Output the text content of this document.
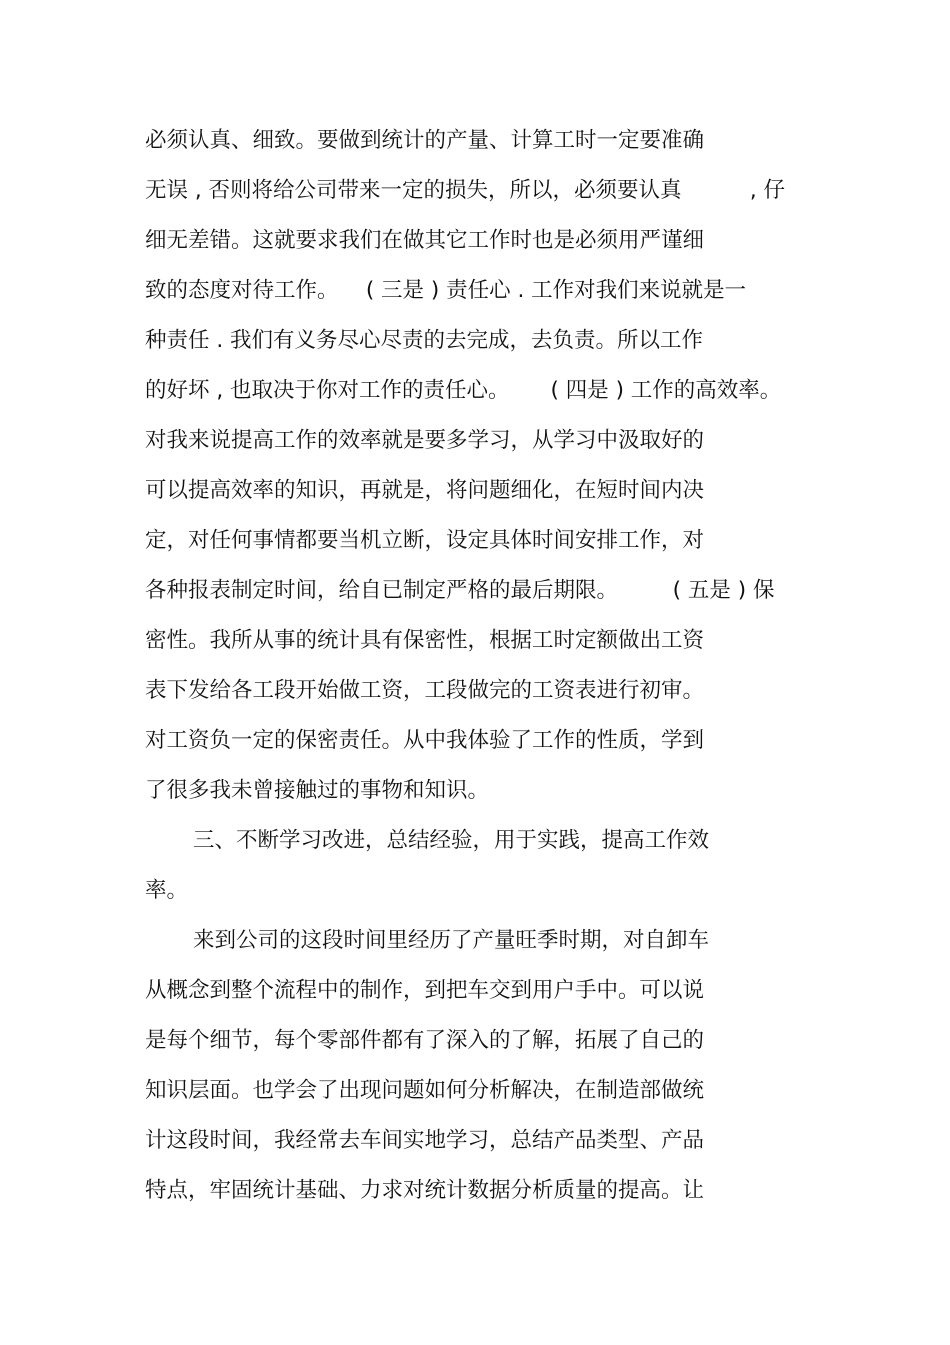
必须认真、细致。要做到统计的产量、计算工时一定要准确
无误 , 否则将给公司带来一定的损失，所以，必须要认真          , 仔
细无差错。这就要求我们在做其它工作时也是必须用严谨细
致的态度对待工作。    ( 三是 ) 责任心 . 工作对我们来说就是一
种责任 . 我们有义务尽心尽责的去完成，去负责。所以工作
的好坏 , 也取决于你对工作的责任心。      ( 四是 ) 工作的高效率。
对我来说提高工作的效率就是要多学习，从学习中汲取好的
可以提高效率的知识，再就是，将问题细化，在短时间内决
定，对任何事情都要当机立断，设定具体时间安排工作，对
各种报表制定时间，给自已制定严格的最后期限。        ( 五是 ) 保
密性。我所从事的统计具有保密性，根据工时定额做出工资
表下发给各工段开始做工资，工段做完的工资表进行初审。
对工资负一定的保密责任。从中我体验了工作的性质，学到
了很多我未曾接触过的事物和知识。
三、不断学习改进，总结经验，用于实践，提高工作效
率。
来到公司的这段时间里经历了产量旺季时期，对自卸车
从概念到整个流程中的制作，到把车交到用户手中。可以说
是每个细节，每个零部件都有了深入的了解，拓展了自己的
知识层面。也学会了出现问题如何分析解决，在制造部做统
计这段时间，我经常去车间实地学习，总结产品类型、产品
特点，牢固统计基础、力求对统计数据分析质量的提高。让
